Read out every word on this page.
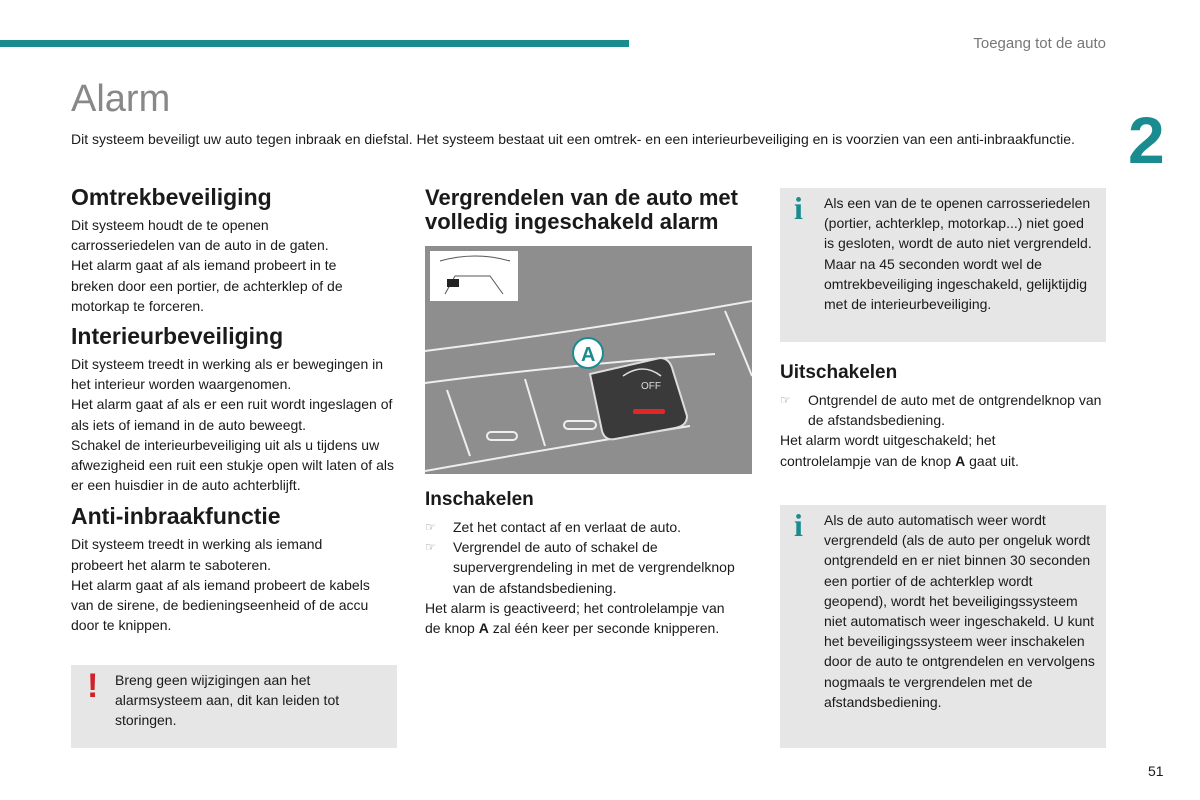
Toegang tot de auto
2
Alarm

Dit systeem beveiligt uw auto tegen inbraak en diefstal. Het systeem bestaat uit een omtrek- en een interieurbeveiliging en is voorzien van een anti-inbraakfunctie.

Omtrekbeveiliging

Dit systeem houdt de te openen carrosseriedelen van de auto in de gaten.

Het alarm gaat af als iemand probeert in te breken door een portier, de achterklep of de motorkap te forceren.

Interieurbeveiliging

Dit systeem treedt in werking als er bewegingen in het interieur worden waargenomen.

Het alarm gaat af als er een ruit wordt ingeslagen of als iets of iemand in de auto beweegt.

Schakel de interieurbeveiliging uit als u tijdens uw afwezigheid een ruit een stukje open wilt laten of als er een huisdier in de auto achterblijft.

Anti-inbraakfunctie

Dit systeem treedt in werking als iemand probeert het alarm te saboteren.

Het alarm gaat af als iemand probeert de kabels van de sirene, de bedieningseenheid of de accu door te knippen.

! Breng geen wijzigingen aan het alarmsysteem aan, dit kan leiden tot storingen.

Vergrendelen van de auto met volledig ingeschakeld alarm
OFF
A
Inschakelen
☞	Zet het contact af en verlaat de auto.
☞	Vergrendel de auto of schakel de supervergrendeling in met de vergrendelknop van de afstandsbediening.

Het alarm is geactiveerd; het controlelampje van de knop A zal één keer per seconde knipperen.

i Als een van de te openen carrosseriedelen (portier, achterklep, motorkap...) niet goed is gesloten, wordt de auto niet vergrendeld.
Maar na 45 seconden wordt wel de omtrekbeveiliging ingeschakeld, gelijktijdig met de interieurbeveiliging.

Uitschakelen
☞	Ontgrendel de auto met de ontgrendelknop van de afstandsbediening.

Het alarm wordt uitgeschakeld; het controlelampje van de knop A gaat uit.

i Als de auto automatisch weer wordt vergrendeld (als de auto per ongeluk wordt ontgrendeld en er niet binnen 30 seconden een portier of de achterklep wordt geopend), wordt het beveiligingssysteem niet automatisch weer ingeschakeld. U kunt het beveiligingssysteem weer inschakelen door de auto te ontgrendelen en vervolgens nogmaals te vergrendelen met de afstandsbediening.

51
